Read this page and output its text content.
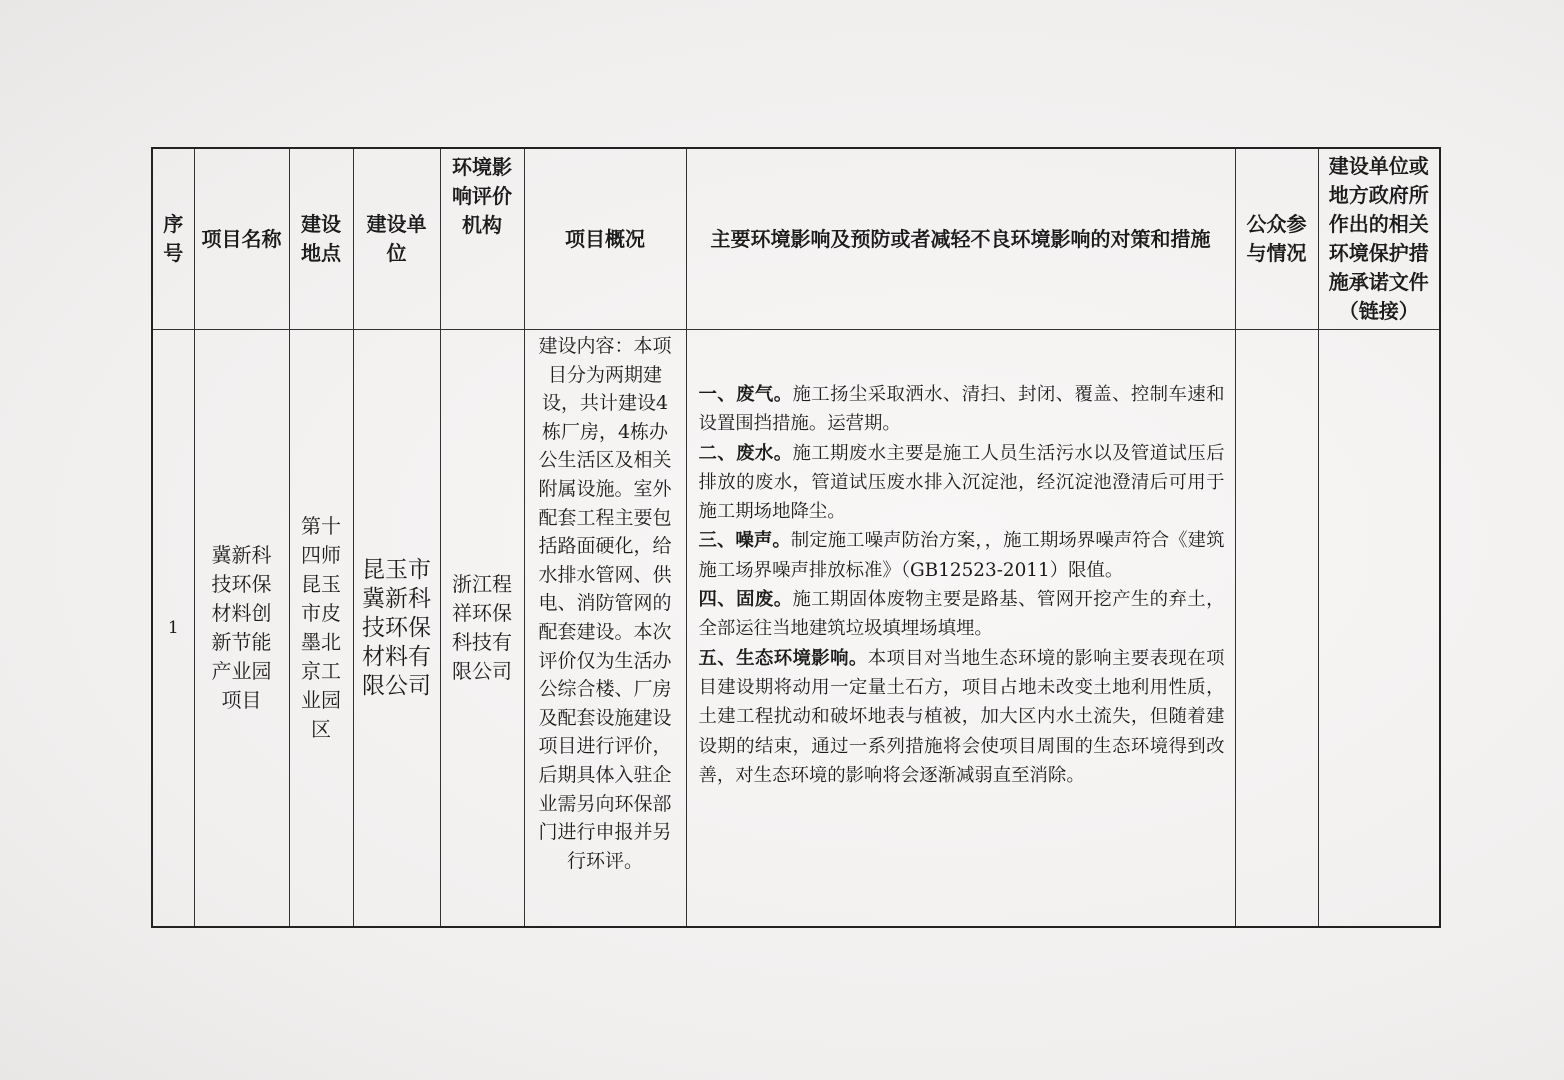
序号	项目名称	建设地点	建设单位	环境影响评价机构	项目概况	主要环境影响及预防或者减轻不良环境影响的对策和措施	公众参与情况	建设单位或地方政府所作出的相关环境保护措施承诺文件（链接）

1	冀新科技环保材料创新节能产业园项目	第十四师昆玉市皮墨北京工业园区	昆玉市冀新科技环保材料有限公司	浙江程祥环保科技有限公司	建设内容：本项目分为两期建设，共计建设4栋厂房，4栋办公生活区及相关附属设施。室外配套工程主要包括路面硬化，给水排水管网、供电、消防管网的配套建设。本次评价仅为生活办公综合楼、厂房及配套设施建设项目进行评价，后期具体入驻企业需另向环保部门进行申报并另行环评。	一、废气。施工扬尘采取洒水、清扫、封闭、覆盖、控制车速和设置围挡措施。运营期。

二、废水。施工期废水主要是施工人员生活污水以及管道试压后排放的废水，管道试压废水排入沉淀池，经沉淀池澄清后可用于施工期场地降尘。

三、噪声。制定施工噪声防治方案，，施工期场界噪声符合《建筑施工场界噪声排放标准》（GB12523-2011）限值。

四、固废。施工期固体废物主要是路基、管网开挖产生的弃土，全部运往当地建筑垃圾填埋场填埋。

五、生态环境影响。本项目对当地生态环境的影响主要表现在项目建设期将动用一定量土石方，项目占地未改变土地利用性质，土建工程扰动和破坏地表与植被，加大区内水土流失，但随着建设期的结束，通过一系列措施将会使项目周围的生态环境得到改善，对生态环境的影响将会逐渐减弱直至消除。		
